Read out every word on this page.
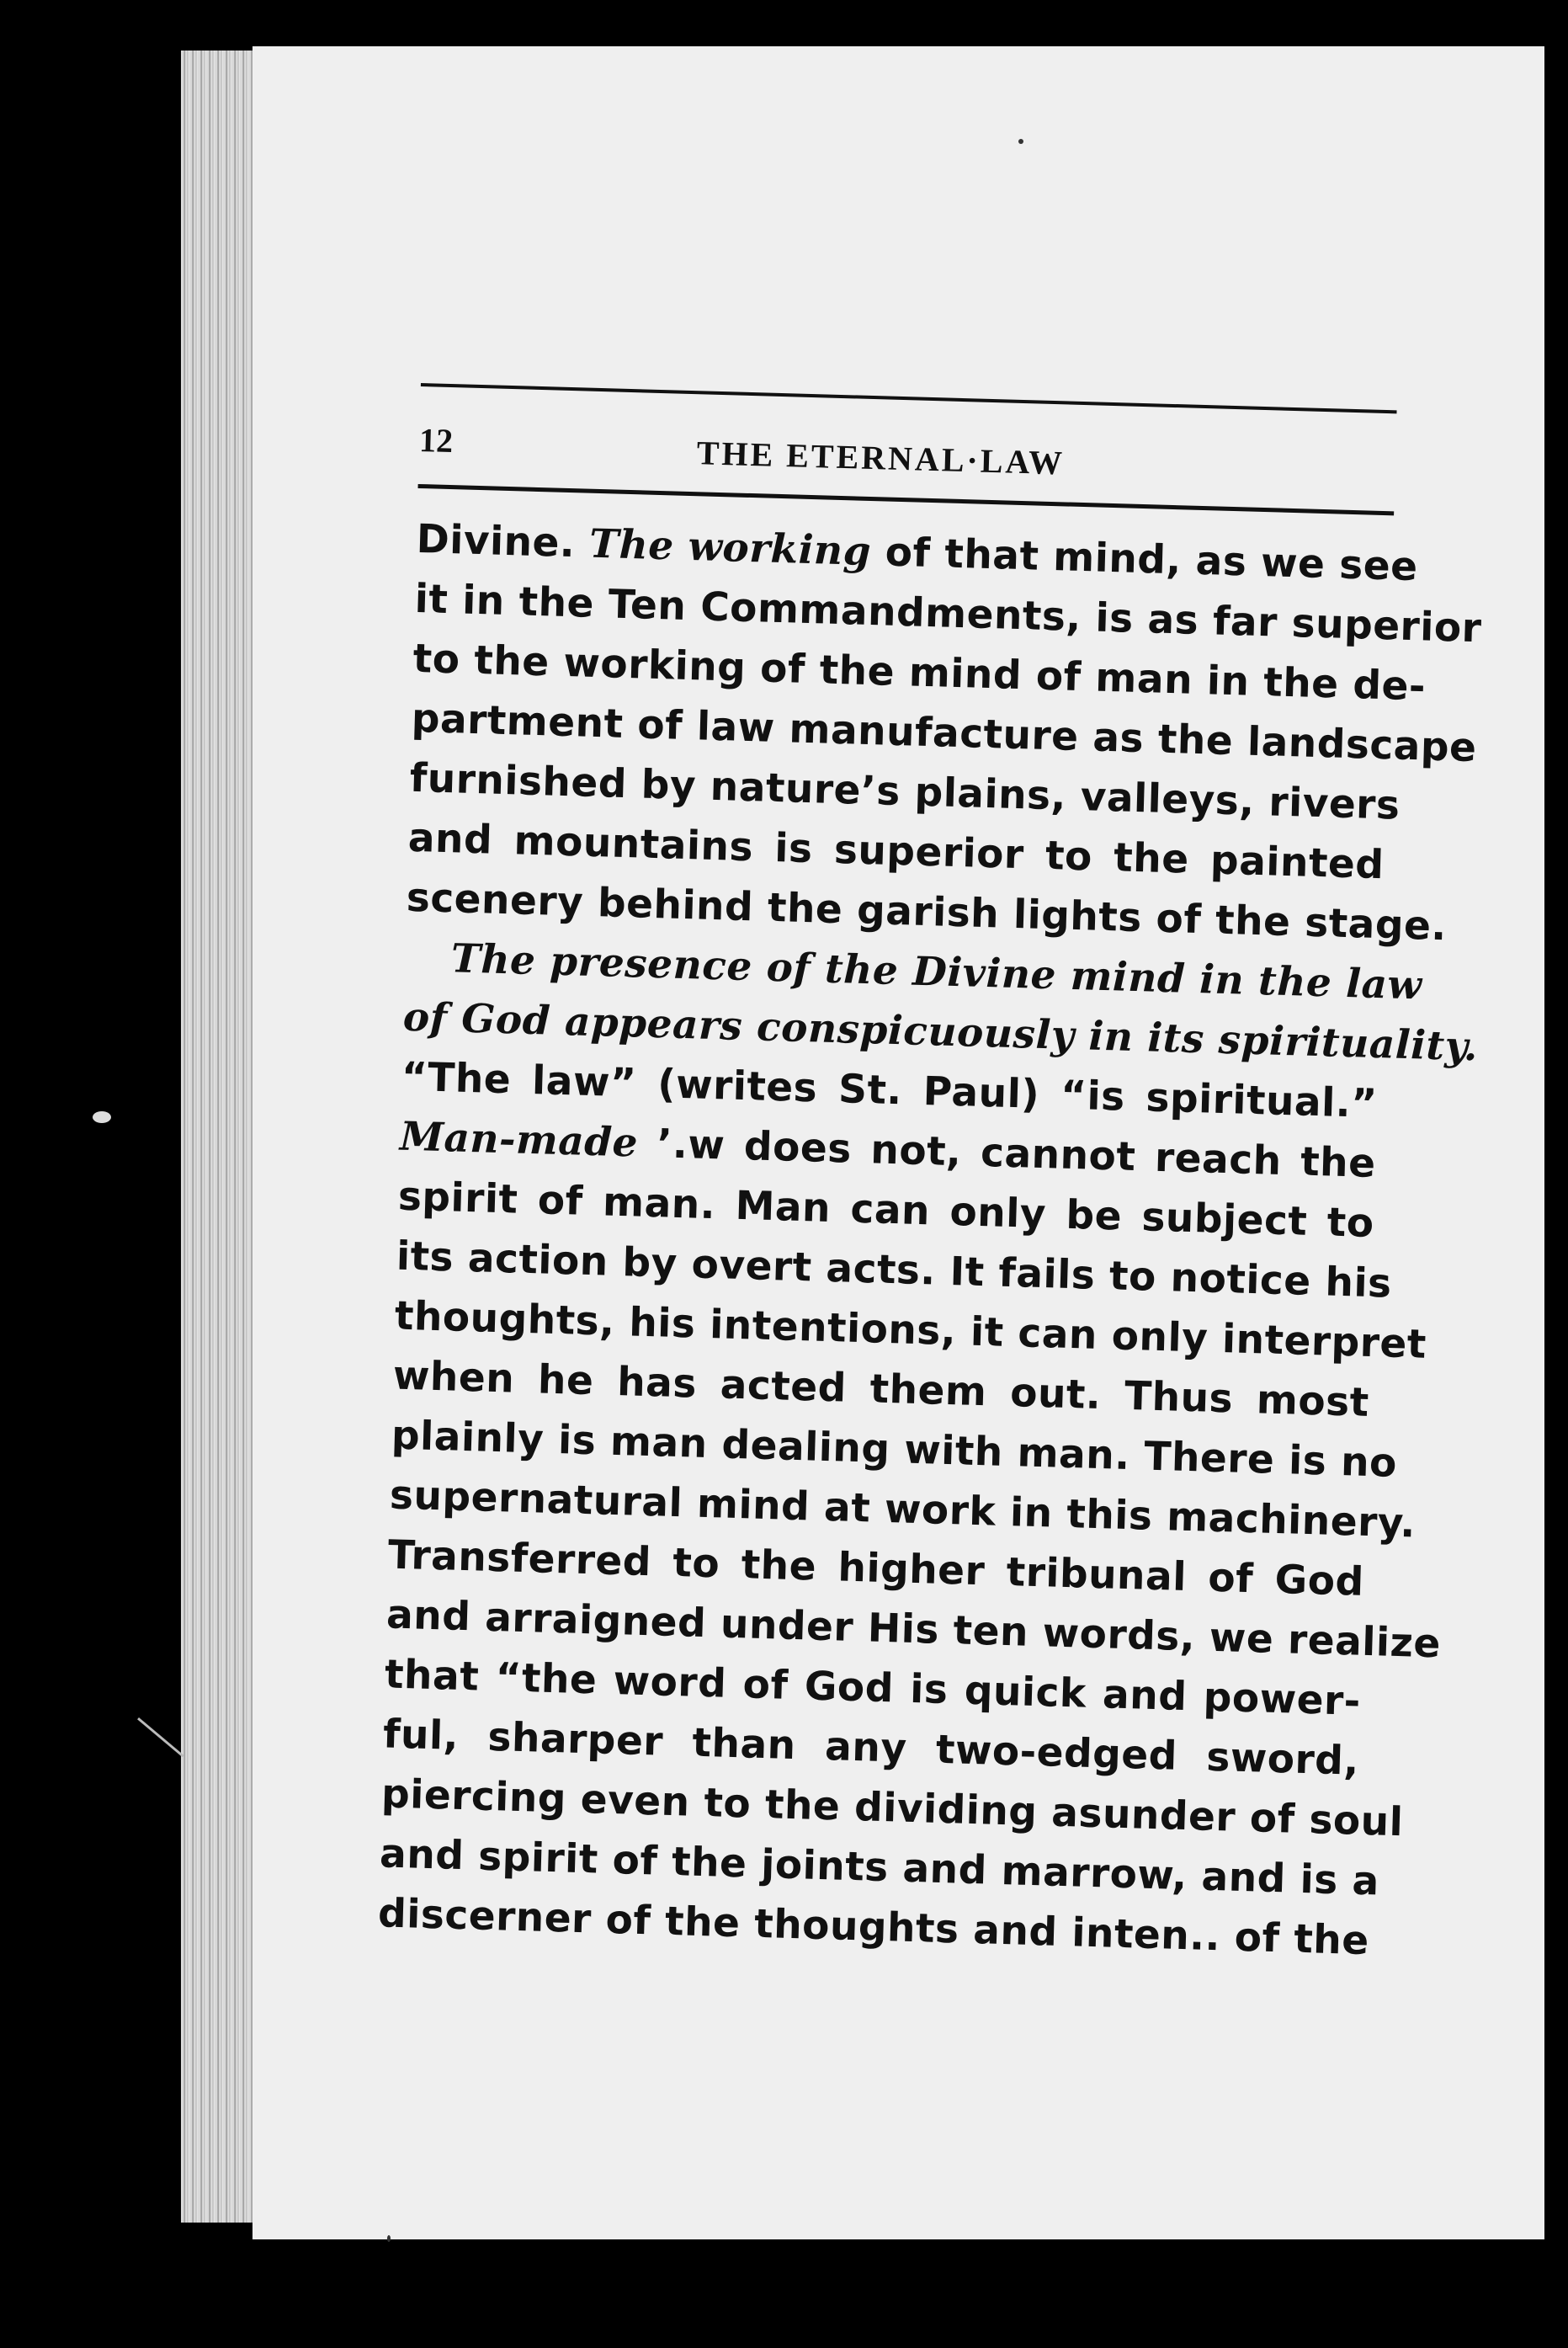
12	THE ETERNAL·LAW
Divine. The working of that mind, as we see
it in the Ten Commandments, is as far superior
to the working of the mind of man in the de-
partment of law manufacture as the landscape
furnished by nature’s plains, valleys, rivers
and mountains is superior to the painted
scenery behind the garish lights of the stage.
The presence of the Divine mind in the law
of God appears conspicuously in its spirituality.
“The law” (writes St. Paul) “is spiritual.”
Man-made ’.w does not, cannot reach the
spirit of man. Man can only be subject to
its action by overt acts. It fails to notice his
thoughts, his intentions, it can only interpret
when he has acted them out. Thus most
plainly is man dealing with man. There is no
supernatural mind at work in this machinery.
Transferred to the higher tribunal of God
and arraigned under His ten words, we realize
that “the word of God is quick and power-
ful, sharper than any two-edged sword,
piercing even to the dividing asunder of soul
and spirit of the joints and marrow, and is a
discerner of the thoughts and inten.. of the
